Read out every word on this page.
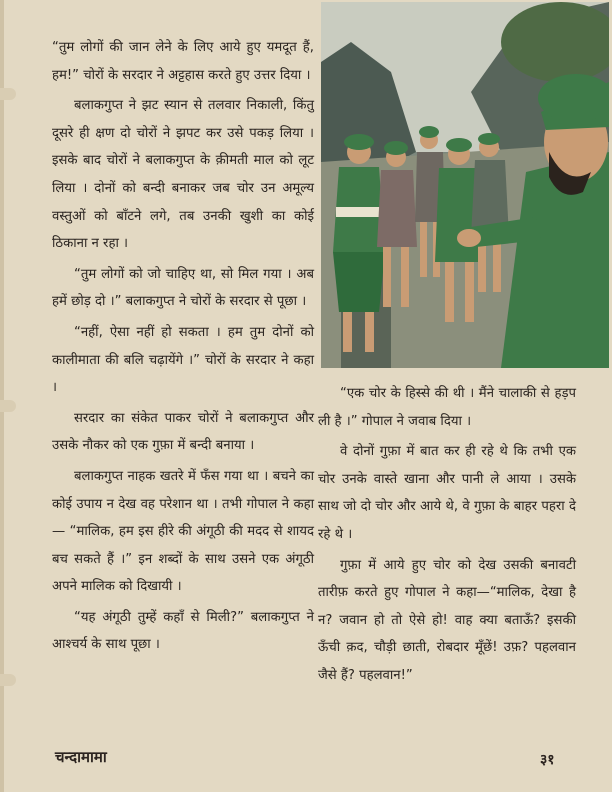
“तुम लोगों की जान लेने के लिए आये हुए यमदूत हैं, हम!” चोरों के सरदार ने अट्टहास करते हुए उत्तर दिया ।

बलाकगुप्त ने झट स्यान से तलवार निकाली, किंतु दूसरे ही क्षण दो चोरों ने झपट कर उसे पकड़ लिया । इसके बाद चोरों ने बलाकगुप्त के क़ीमती माल को लूट लिया । दोनों को बन्दी बनाकर जब चोर उन अमूल्य वस्तुओं को बाँटने लगे, तब उनकी खुशी का कोई ठिकाना न रहा ।

“तुम लोगों को जो चाहिए था, सो मिल गया । अब हमें छोड़ दो ।” बलाकगुप्त ने चोरों के सरदार से पूछा ।

“नहीं, ऐसा नहीं हो सकता । हम तुम दोनों को कालीमाता की बलि चढ़ायेंगे ।” चोरों के सरदार ने कहा ।

सरदार का संकेत पाकर चोरों ने बलाकगुप्त और उसके नौकर को एक गुफ़ा में बन्दी बनाया ।

बलाकगुप्त नाहक खतरे में फँस गया था । बचने का कोई उपाय न देख वह परेशान था । तभी गोपाल ने कहा— “मालिक, हम इस हीरे की अंगूठी की मदद से शायद बच सकते हैं ।” इन शब्दों के साथ उसने एक अंगूठी अपने मालिक को दिखायी ।

“यह अंगूठी तुम्हें कहाँ से मिली?” बलाकगुप्त ने आश्चर्य के साथ पूछा ।

“एक चोर के हिस्से की थी । मैंने चालाकी से हड़प ली है ।” गोपाल ने जवाब दिया ।

वे दोनों गुफ़ा में बात कर ही रहे थे कि तभी एक चोर उनके वास्ते खाना और पानी ले आया । उसके साथ जो दो चोर और आये थे, वे गुफ़ा के बाहर पहरा दे रहे थे ।

गुफ़ा में आये हुए चोर को देख उसकी बनावटी तारीफ़ करते हुए गोपाल ने कहा—“मालिक, देखा है न? जवान हो तो ऐसे हो! वाह क्या बताऊँ? इसकी ऊँची क़द, चौड़ी छाती, रोबदार मूँछें! उफ़? पहलवान जैसे हैं? पहलवान!”

चन्दामामा	३१
